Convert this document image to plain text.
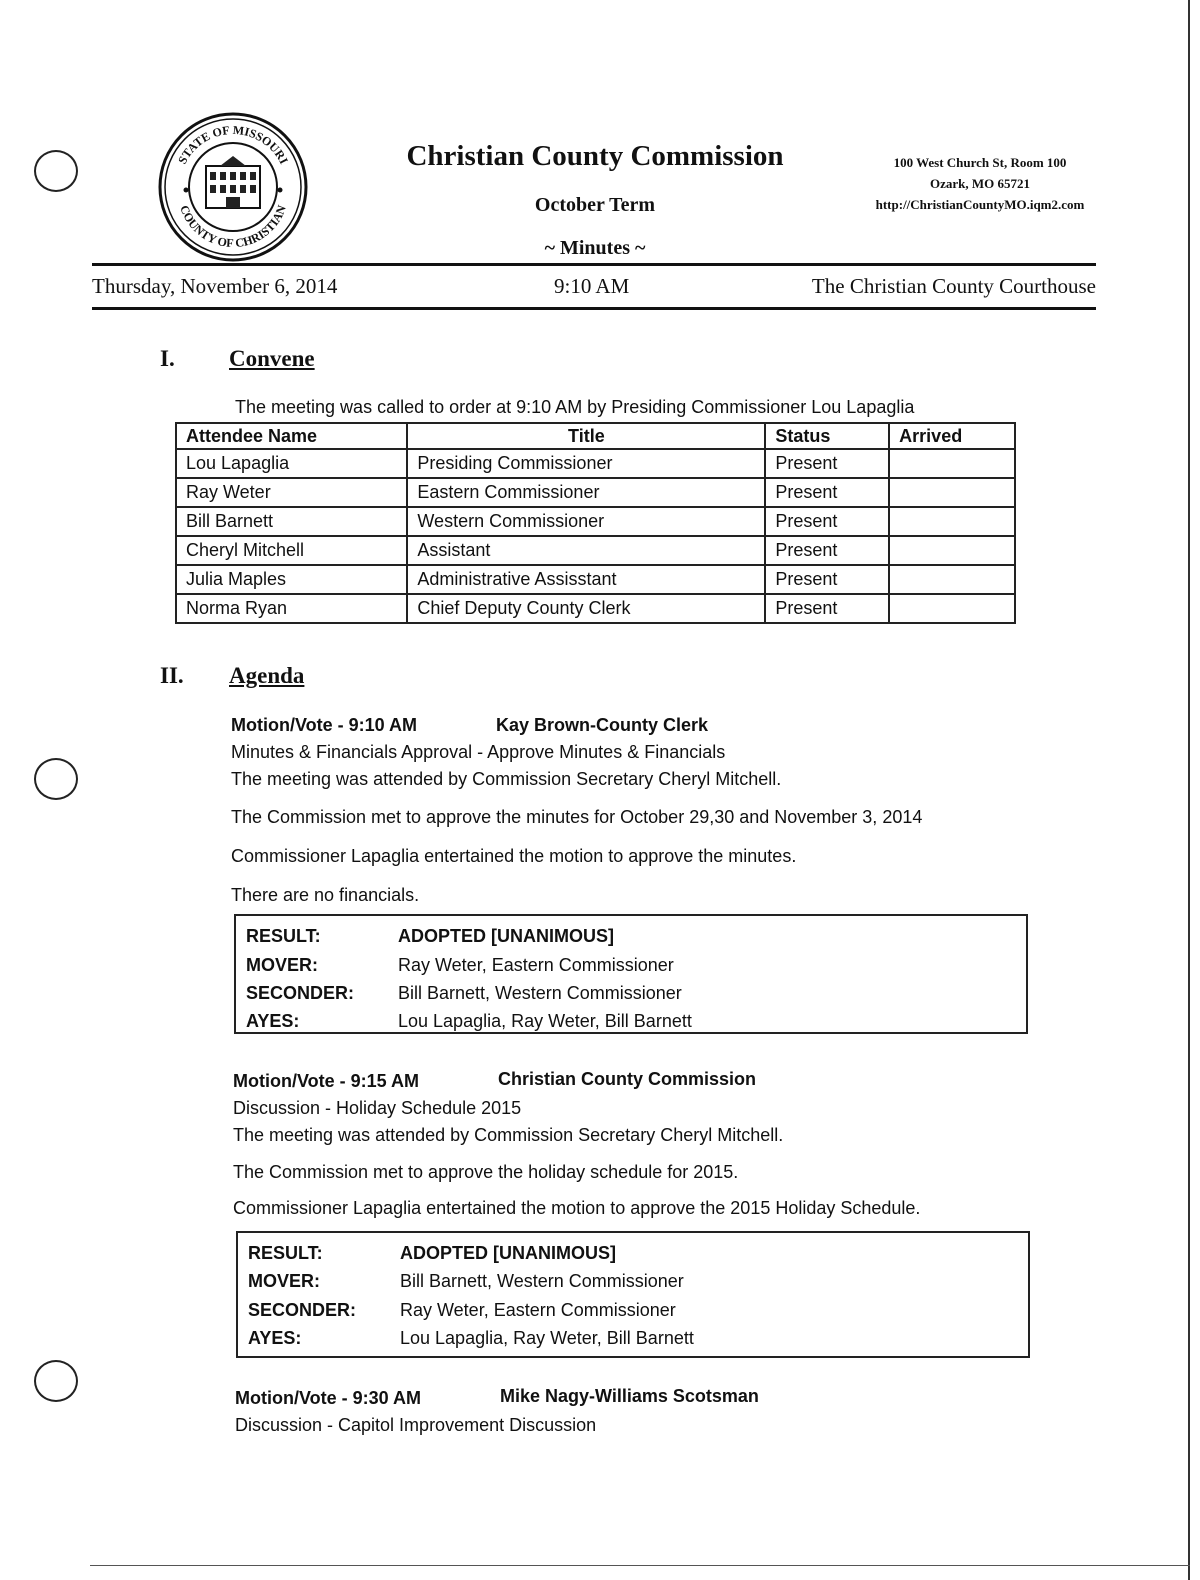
STATE OF MISSOURI
COUNTY OF CHRISTIAN
Christian County Commission
October Term
~ Minutes ~
100 West Church St, Room 100
Ozark, MO 65721
http://ChristianCountyMO.iqm2.com
Thursday, November 6, 2014	9:10 AM	The Christian County Courthouse
I. Convene
The meeting was called to order at 9:10 AM by Presiding Commissioner Lou Lapaglia
Attendee Name	Title	Status	Arrived
Lou Lapaglia	Presiding Commissioner	Present	
Ray Weter	Eastern Commissioner	Present	
Bill Barnett	Western Commissioner	Present	
Cheryl Mitchell	Assistant	Present	
Julia Maples	Administrative Assisstant	Present	
Norma Ryan	Chief Deputy County Clerk	Present	
II. Agenda
Motion/Vote - 9:10 AM	Kay Brown-County Clerk
Minutes & Financials Approval - Approve Minutes & Financials
The meeting was attended by Commission Secretary Cheryl Mitchell.
The Commission met to approve the minutes for October 29,30 and November 3, 2014
Commissioner Lapaglia entertained the motion to approve the minutes.
There are no financials.
RESULT:	ADOPTED [UNANIMOUS]
MOVER:	Ray Weter, Eastern Commissioner
SECONDER:	Bill Barnett, Western Commissioner
AYES:	Lou Lapaglia, Ray Weter, Bill Barnett
Motion/Vote - 9:15 AM	Christian County Commission
Discussion - Holiday Schedule 2015
The meeting was attended by Commission Secretary Cheryl Mitchell.
The Commission met to approve the holiday schedule for 2015.
Commissioner Lapaglia entertained the motion to approve the 2015 Holiday Schedule.
RESULT:	ADOPTED [UNANIMOUS]
MOVER:	Bill Barnett, Western Commissioner
SECONDER:	Ray Weter, Eastern Commissioner
AYES:	Lou Lapaglia, Ray Weter, Bill Barnett
Motion/Vote - 9:30 AM	Mike Nagy-Williams Scotsman
Discussion - Capitol Improvement Discussion
